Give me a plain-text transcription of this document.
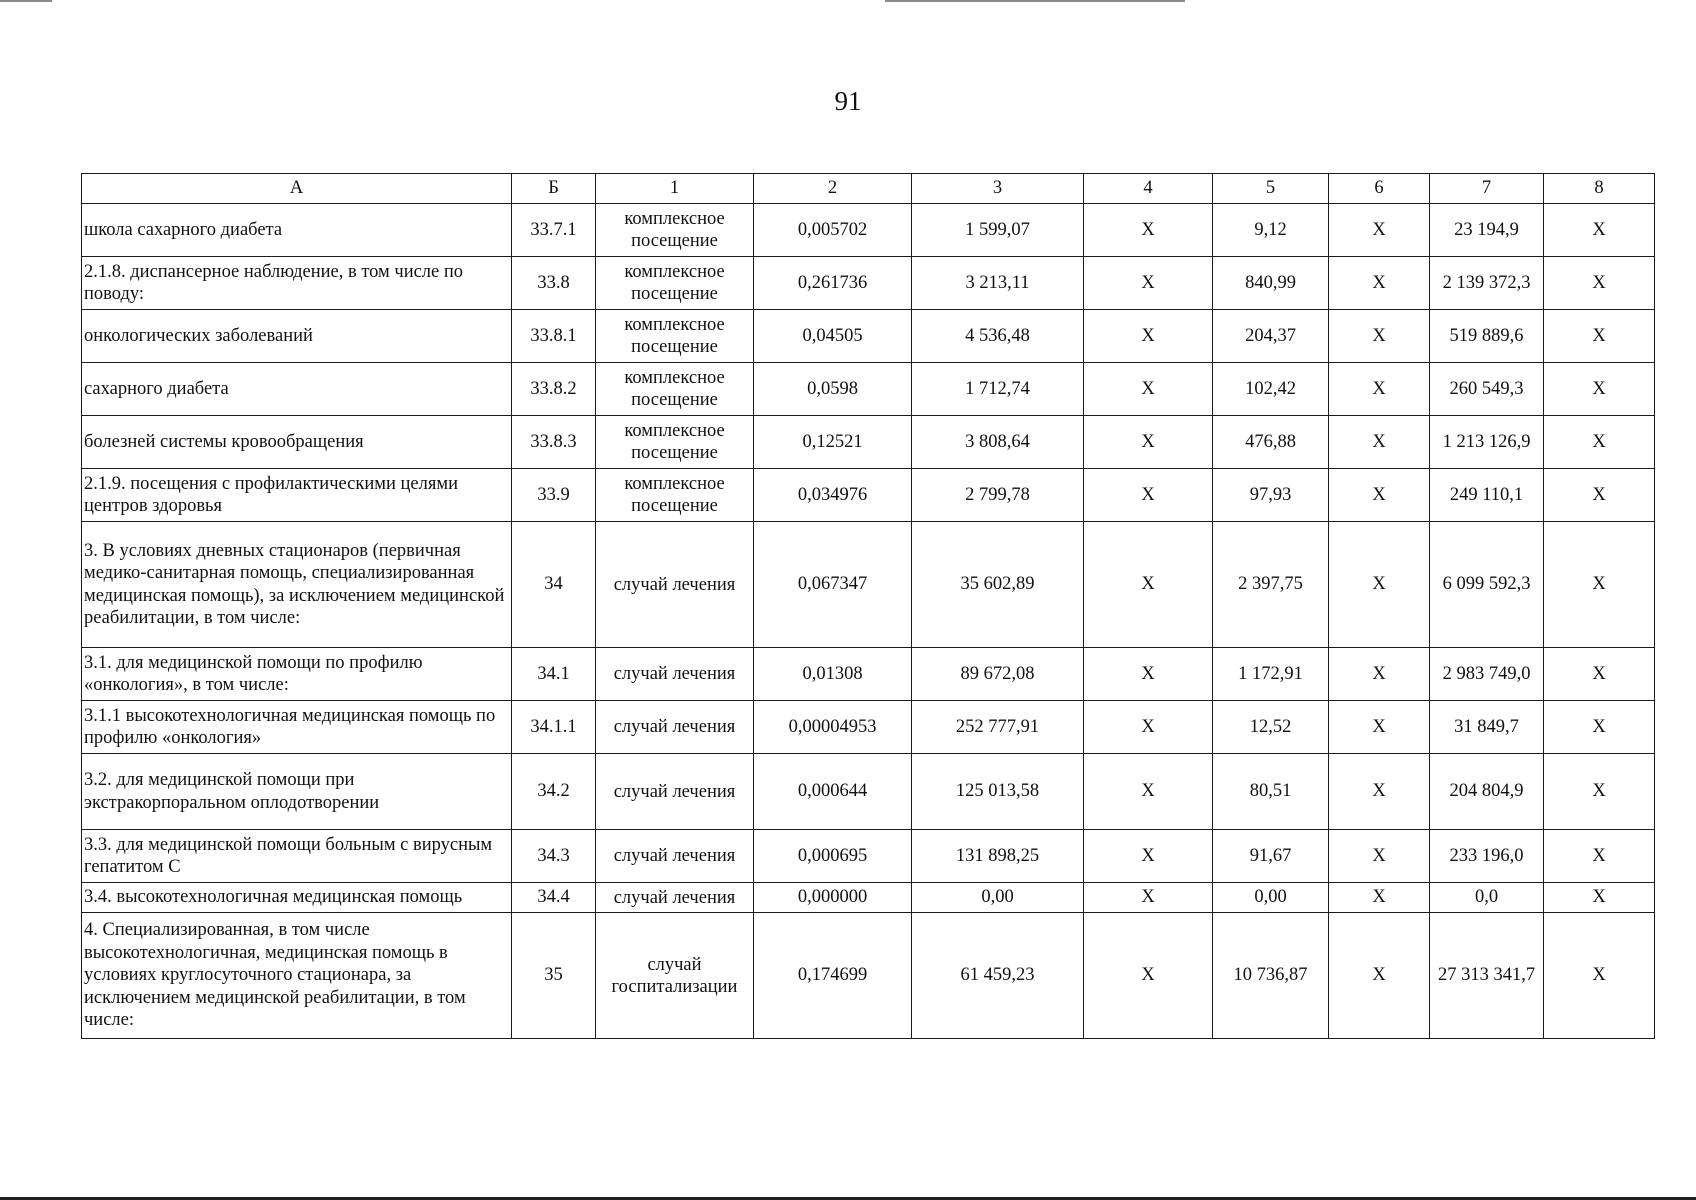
91
А	Б	1	2	3	4	5	6	7	8
школа сахарного диабета	33.7.1	комплексное посещение	0,005702	1 599,07	Х	9,12	Х	23 194,9	Х
2.1.8. диспансерное наблюдение, в том числе по поводу:	33.8	комплексное посещение	0,261736	3 213,11	Х	840,99	Х	2 139 372,3	Х
онкологических заболеваний	33.8.1	комплексное посещение	0,04505	4 536,48	Х	204,37	Х	519 889,6	Х
сахарного диабета	33.8.2	комплексное посещение	0,0598	1 712,74	Х	102,42	Х	260 549,3	Х
болезней системы кровообращения	33.8.3	комплексное посещение	0,12521	3 808,64	Х	476,88	Х	1 213 126,9	Х
2.1.9. посещения с профилактическими целями центров здоровья	33.9	комплексное посещение	0,034976	2 799,78	Х	97,93	Х	249 110,1	Х
3. В условиях дневных стационаров (первичная медико-санитарная помощь, специализированная медицинская помощь), за исключением медицинской реабилитации, в том числе:	34	случай лечения	0,067347	35 602,89	Х	2 397,75	Х	6 099 592,3	Х
3.1. для медицинской помощи по профилю «онкология», в том числе:	34.1	случай лечения	0,01308	89 672,08	Х	1 172,91	Х	2 983 749,0	Х
3.1.1 высокотехнологичная медицинская помощь по профилю «онкология»	34.1.1	случай лечения	0,00004953	252 777,91	Х	12,52	Х	31 849,7	Х
3.2. для медицинской помощи при экстракорпоральном оплодотворении	34.2	случай лечения	0,000644	125 013,58	Х	80,51	Х	204 804,9	Х
3.3. для медицинской помощи больным с вирусным гепатитом С	34.3	случай лечения	0,000695	131 898,25	Х	91,67	Х	233 196,0	Х
3.4. высокотехнологичная медицинская помощь	34.4	случай лечения	0,000000	0,00	Х	0,00	Х	0,0	Х
4. Специализированная, в том числе высокотехнологичная, медицинская помощь в условиях круглосуточного стационара, за исключением медицинской реабилитации, в том числе:	35	случай госпитализации	0,174699	61 459,23	Х	10 736,87	Х	27 313 341,7	Х
